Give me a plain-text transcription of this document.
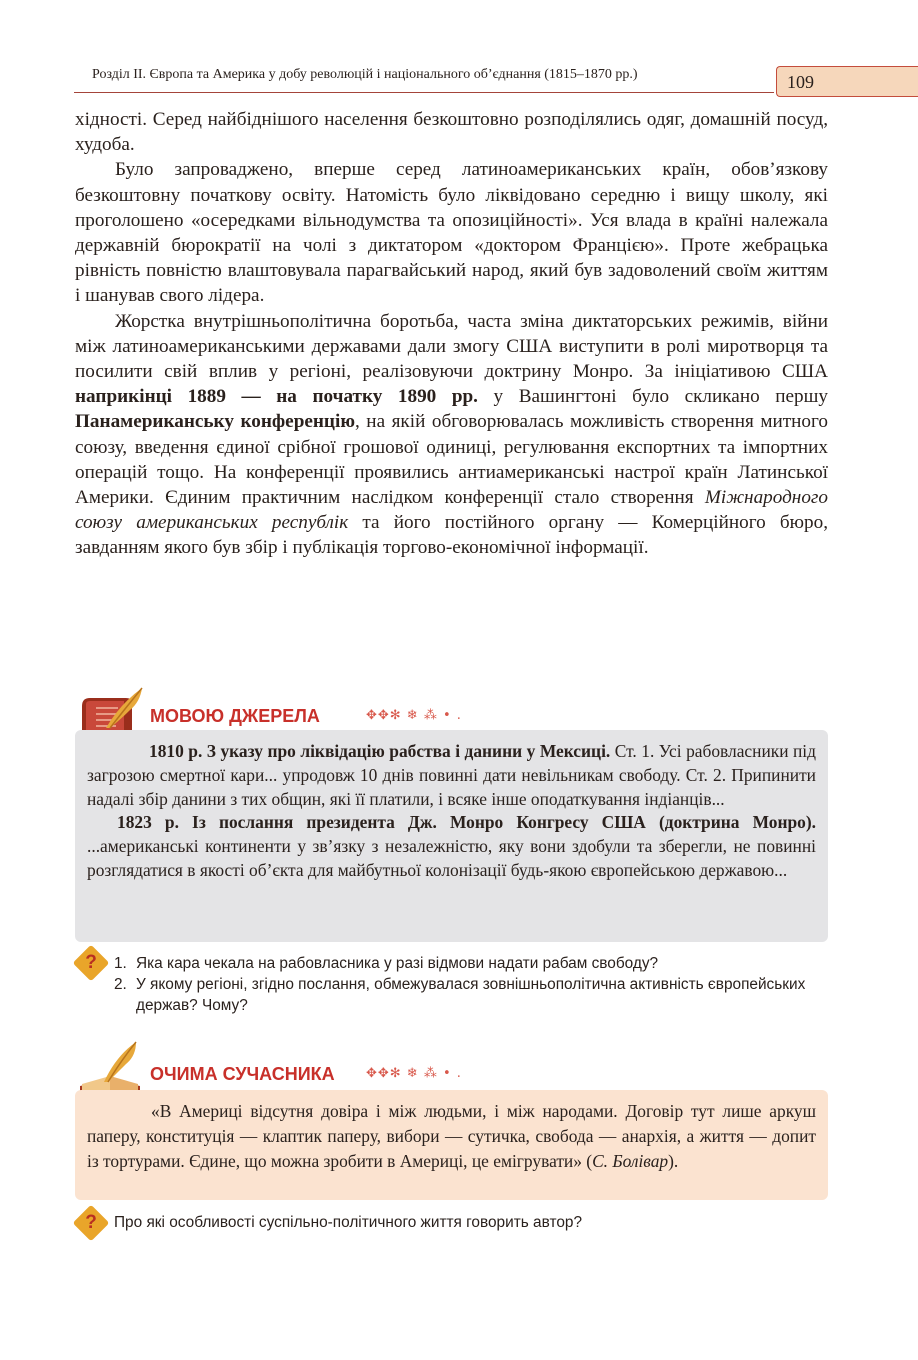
Розділ ІІ. Європа та Америка у добу революцій і національного об’єднання (1815–1870 рр.)	109

хідності. Серед найбіднішого населення безкоштовно розподілялись одяг, домашній посуд, худоба.

Було запроваджено, вперше серед латиноамериканських країн, обов’язкову безкоштовну початкову освіту. Натомість було ліквідовано середню і вищу школу, які проголошено «осередками вільнодумства та опозиційності». Уся влада в країні належала державній бюрократії на чолі з диктатором «доктором Францією». Проте жебрацька рівність повністю влаштовувала парагвайський народ, який був задоволений своїм життям і шанував свого лідера.

Жорстка внутрішньополітична боротьба, часта зміна диктаторських режимів, війни між латиноамериканськими державами дали змогу США виступити в ролі миротворця та посилити свій вплив у регіоні, реалізовуючи доктрину Монро. За ініціативою США наприкінці 1889 — на початку 1890 рр. у Вашингтоні було скликано першу Панамериканську конференцію, на якій обговорювалась можливість створення митного союзу, введення єдиної срібної грошової одиниці, регулювання експортних та імпортних операцій тощо. На конференції проявились антиамериканські настрої країн Латинської Америки. Єдиним практичним наслідком конференції стало створення Міжнародного союзу американських республік та його постійного органу — Комерційного бюро, завданням якого був збір і публікація торгово-економічної інформації.

МОВОЮ ДЖЕРЕЛА	✥✥✻ ❄ ⁂ • .

1810 р. З указу про ліквідацію рабства і данини у Мексиці. Ст. 1. Усі рабовласники під загрозою смертної кари... упродовж 10 днів повинні дати невільникам свободу. Ст. 2. Припинити надалі збір данини з тих общин, які її платили, і всяке інше оподаткування індіанців...

1823 р. Із послання президента Дж. Монро Конгресу США (доктрина Монро). ...американські континенти у зв’язку з незалежністю, яку вони здобули та зберегли, не повинні розглядатися в якості об’єкта для майбутньої колонізації будь-якою європейською державою...

?	1. Яка кара чекала на рабовласника у разі відмови надати рабам свободу?
2. У якому регіоні, згідно послання, обмежувалася зовнішньополітична активність європейських держав? Чому?
ОЧИМА СУЧАСНИКА ✥✥✻ ❄ ⁂ • .

«В Америці відсутня довіра і між людьми, і між народами. Договір тут лише аркуш паперу, конституція — клаптик паперу, вибори — сутичка, свобода — анархія, а життя — допит із тортурами. Єдине, що можна зробити в Америці, це емігрувати» (С. Болівар).

?	Про які особливості суспільно-політичного життя говорить автор?
